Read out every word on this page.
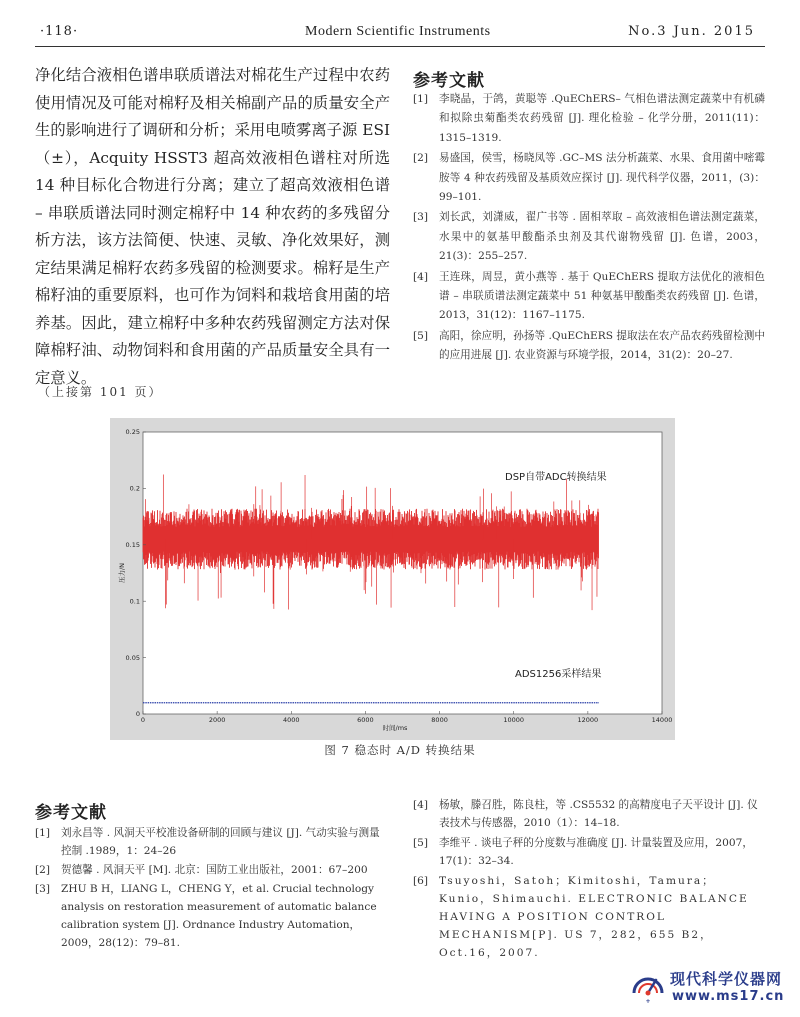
·118·	Modern Scientific Instruments	No.3 Jun. 2015

净化结合液相色谱串联质谱法对棉花生产过程中农药使用情况及可能对棉籽及相关棉副产品的质量安全产生的影响进行了调研和分析；采用电喷雾离子源 ESI（±），Acquity HSST3 超高效液相色谱柱对所选 14 种目标化合物进行分离；建立了超高效液相色谱 – 串联质谱法同时测定棉籽中 14 种农药的多残留分析方法，该方法简便、快速、灵敏、净化效果好，测定结果满足棉籽农药多残留的检测要求。棉籽是生产棉籽油的重要原料，也可作为饲料和栽培食用菌的培养基。因此，建立棉籽中多种农药残留测定方法对保障棉籽油、动物饲料和食用菌的产品质量安全具有一定意义。

参考文献
[1] 李晓晶，于鸽，黄聪等 .QuEChERS– 气相色谱法测定蔬菜中有机磷和拟除虫菊酯类农药残留 [J]. 理化检验 – 化学分册，2011(11)：1315–1319.
[2] 易盛国，侯雪，杨晓凤等 .GC–MS 法分析蔬菜、水果、食用菌中嘧霉胺等 4 种农药残留及基质效应探讨 [J]. 现代科学仪器，2011，(3)：99–101.
[3] 刘长武，刘潇威，翟广书等 . 固相萃取 – 高效液相色谱法测定蔬菜，水果中的氨基甲酸酯杀虫剂及其代谢物残留 [J]. 色谱，2003，21(3)：255–257.
[4] 王连珠，周昱，黄小燕等 . 基于 QuEChERS 提取方法优化的液相色谱 – 串联质谱法测定蔬菜中 51 种氨基甲酸酯类农药残留 [J]. 色谱，2013，31(12)：1167–1175.
[5] 高阳，徐应明，孙扬等 .QuEChERS 提取法在农产品农药残留检测中的应用进展 [J]. 农业资源与环境学报，2014，31(2)：20–27.
（上接第 101 页）
0	2000	4000	6000	8000	10000	12000	14000
0
0.05
0.1
0.15
0.2
0.25
DSP自带ADC转换结果
ADS1256采样结果
时间/ms
压力/N
图 7 稳态时 A/D 转换结果
参考文献
[1] 刘永昌等 . 风洞天平校准设备研制的回顾与建议 [J]. 气动实验与测量控制 .1989，1：24–26
[2] 贺德馨 . 风洞天平 [M]. 北京：国防工业出版社，2001：67–200
[3] ZHU B H，LIANG L，CHENG Y，et al. Crucial technology analysis on restoration measurement of automatic balance calibration system [J]. Ordnance Industry Automation，2009，28(12)：79–81.
[4] 杨敏，滕召胜，陈良柱，等 .CS5532 的高精度电子天平设计 [J]. 仪表技术与传感器，2010（1）：14–18.
[5] 李维平 . 谈电子秤的分度数与准确度 [J]. 计量装置及应用，2007，17(1)：32–34.
[6] Tsuyoshi，Satoh；Kimitoshi，Tamura；Kunio，Shimauchi. ELECTRONIC BALANCE HAVING A POSITION CONTROL MECHANISM[P]. US 7，282，655 B2，Oct.16，2007.
+
现代科学仪器网
www.ms17.cn
